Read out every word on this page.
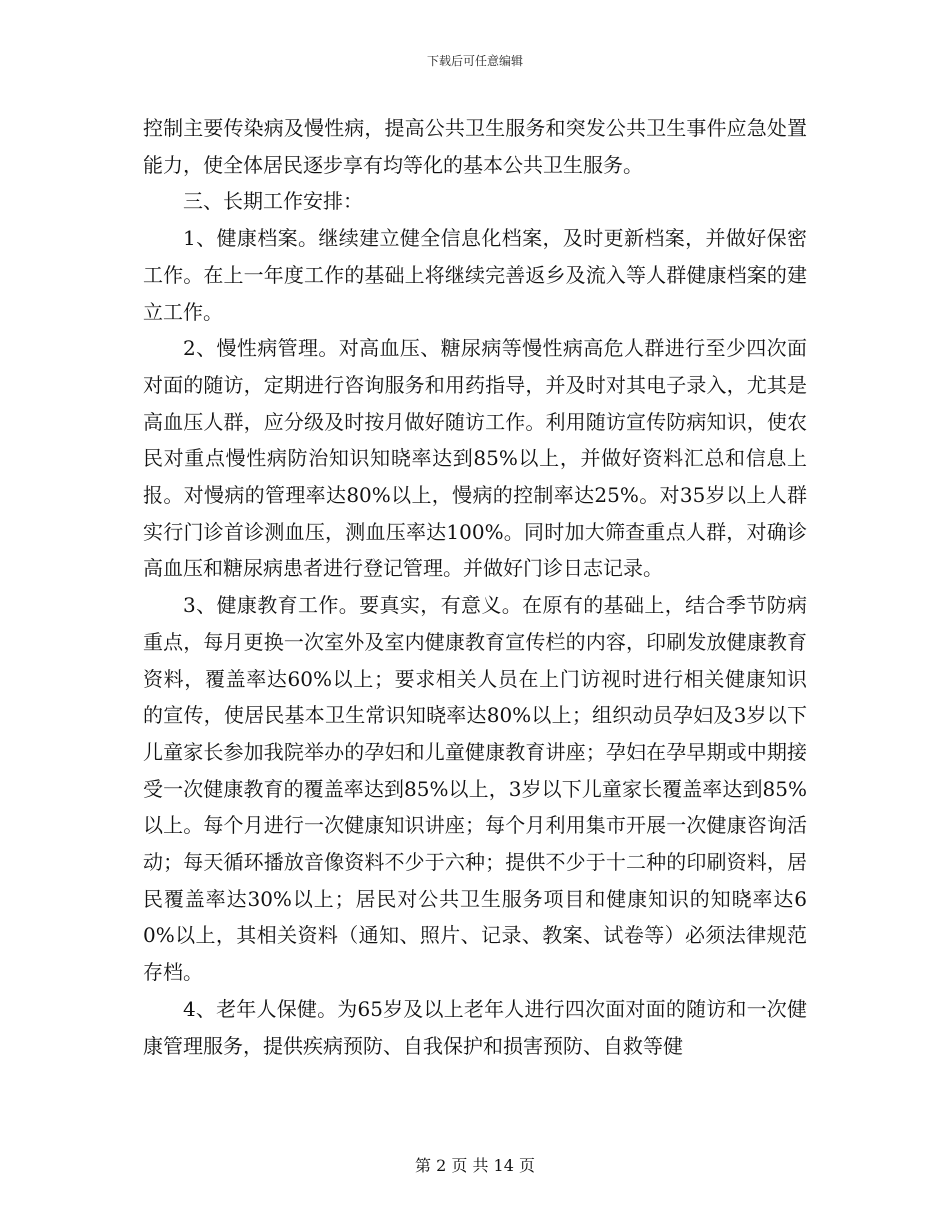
下载后可任意编辑

控制主要传染病及慢性病，提高公共卫生服务和突发公共卫生事件应急处置能力，使全体居民逐步享有均等化的基本公共卫生服务。

三、长期工作安排：

1、健康档案。继续建立健全信息化档案，及时更新档案，并做好保密工作。在上一年度工作的基础上将继续完善返乡及流入等人群健康档案的建立工作。

2、慢性病管理。对高血压、糖尿病等慢性病高危人群进行至少四次面对面的随访，定期进行咨询服务和用药指导，并及时对其电子录入，尤其是高血压人群，应分级及时按月做好随访工作。利用随访宣传防病知识，使农民对重点慢性病防治知识知晓率达到85%以上，并做好资料汇总和信息上报。对慢病的管理率达80%以上，慢病的控制率达25%。对35岁以上人群实行门诊首诊测血压，测血压率达100%。同时加大筛查重点人群，对确诊高血压和糖尿病患者进行登记管理。并做好门诊日志记录。

3、健康教育工作。要真实，有意义。在原有的基础上，结合季节防病重点，每月更换一次室外及室内健康教育宣传栏的内容，印刷发放健康教育资料，覆盖率达60%以上；要求相关人员在上门访视时进行相关健康知识的宣传，使居民基本卫生常识知晓率达80%以上；组织动员孕妇及3岁以下儿童家长参加我院举办的孕妇和儿童健康教育讲座；孕妇在孕早期或中期接受一次健康教育的覆盖率达到85%以上，3岁以下儿童家长覆盖率达到85%以上。每个月进行一次健康知识讲座；每个月利用集市开展一次健康咨询活动；每天循环播放音像资料不少于六种；提供不少于十二种的印刷资料，居民覆盖率达30%以上；居民对公共卫生服务项目和健康知识的知晓率达60%以上，其相关资料（通知、照片、记录、教案、试卷等）必须法律规范存档。

4、老年人保健。为65岁及以上老年人进行四次面对面的随访和一次健康管理服务，提供疾病预防、自我保护和损害预防、自救等健

第 2 页 共 14 页
